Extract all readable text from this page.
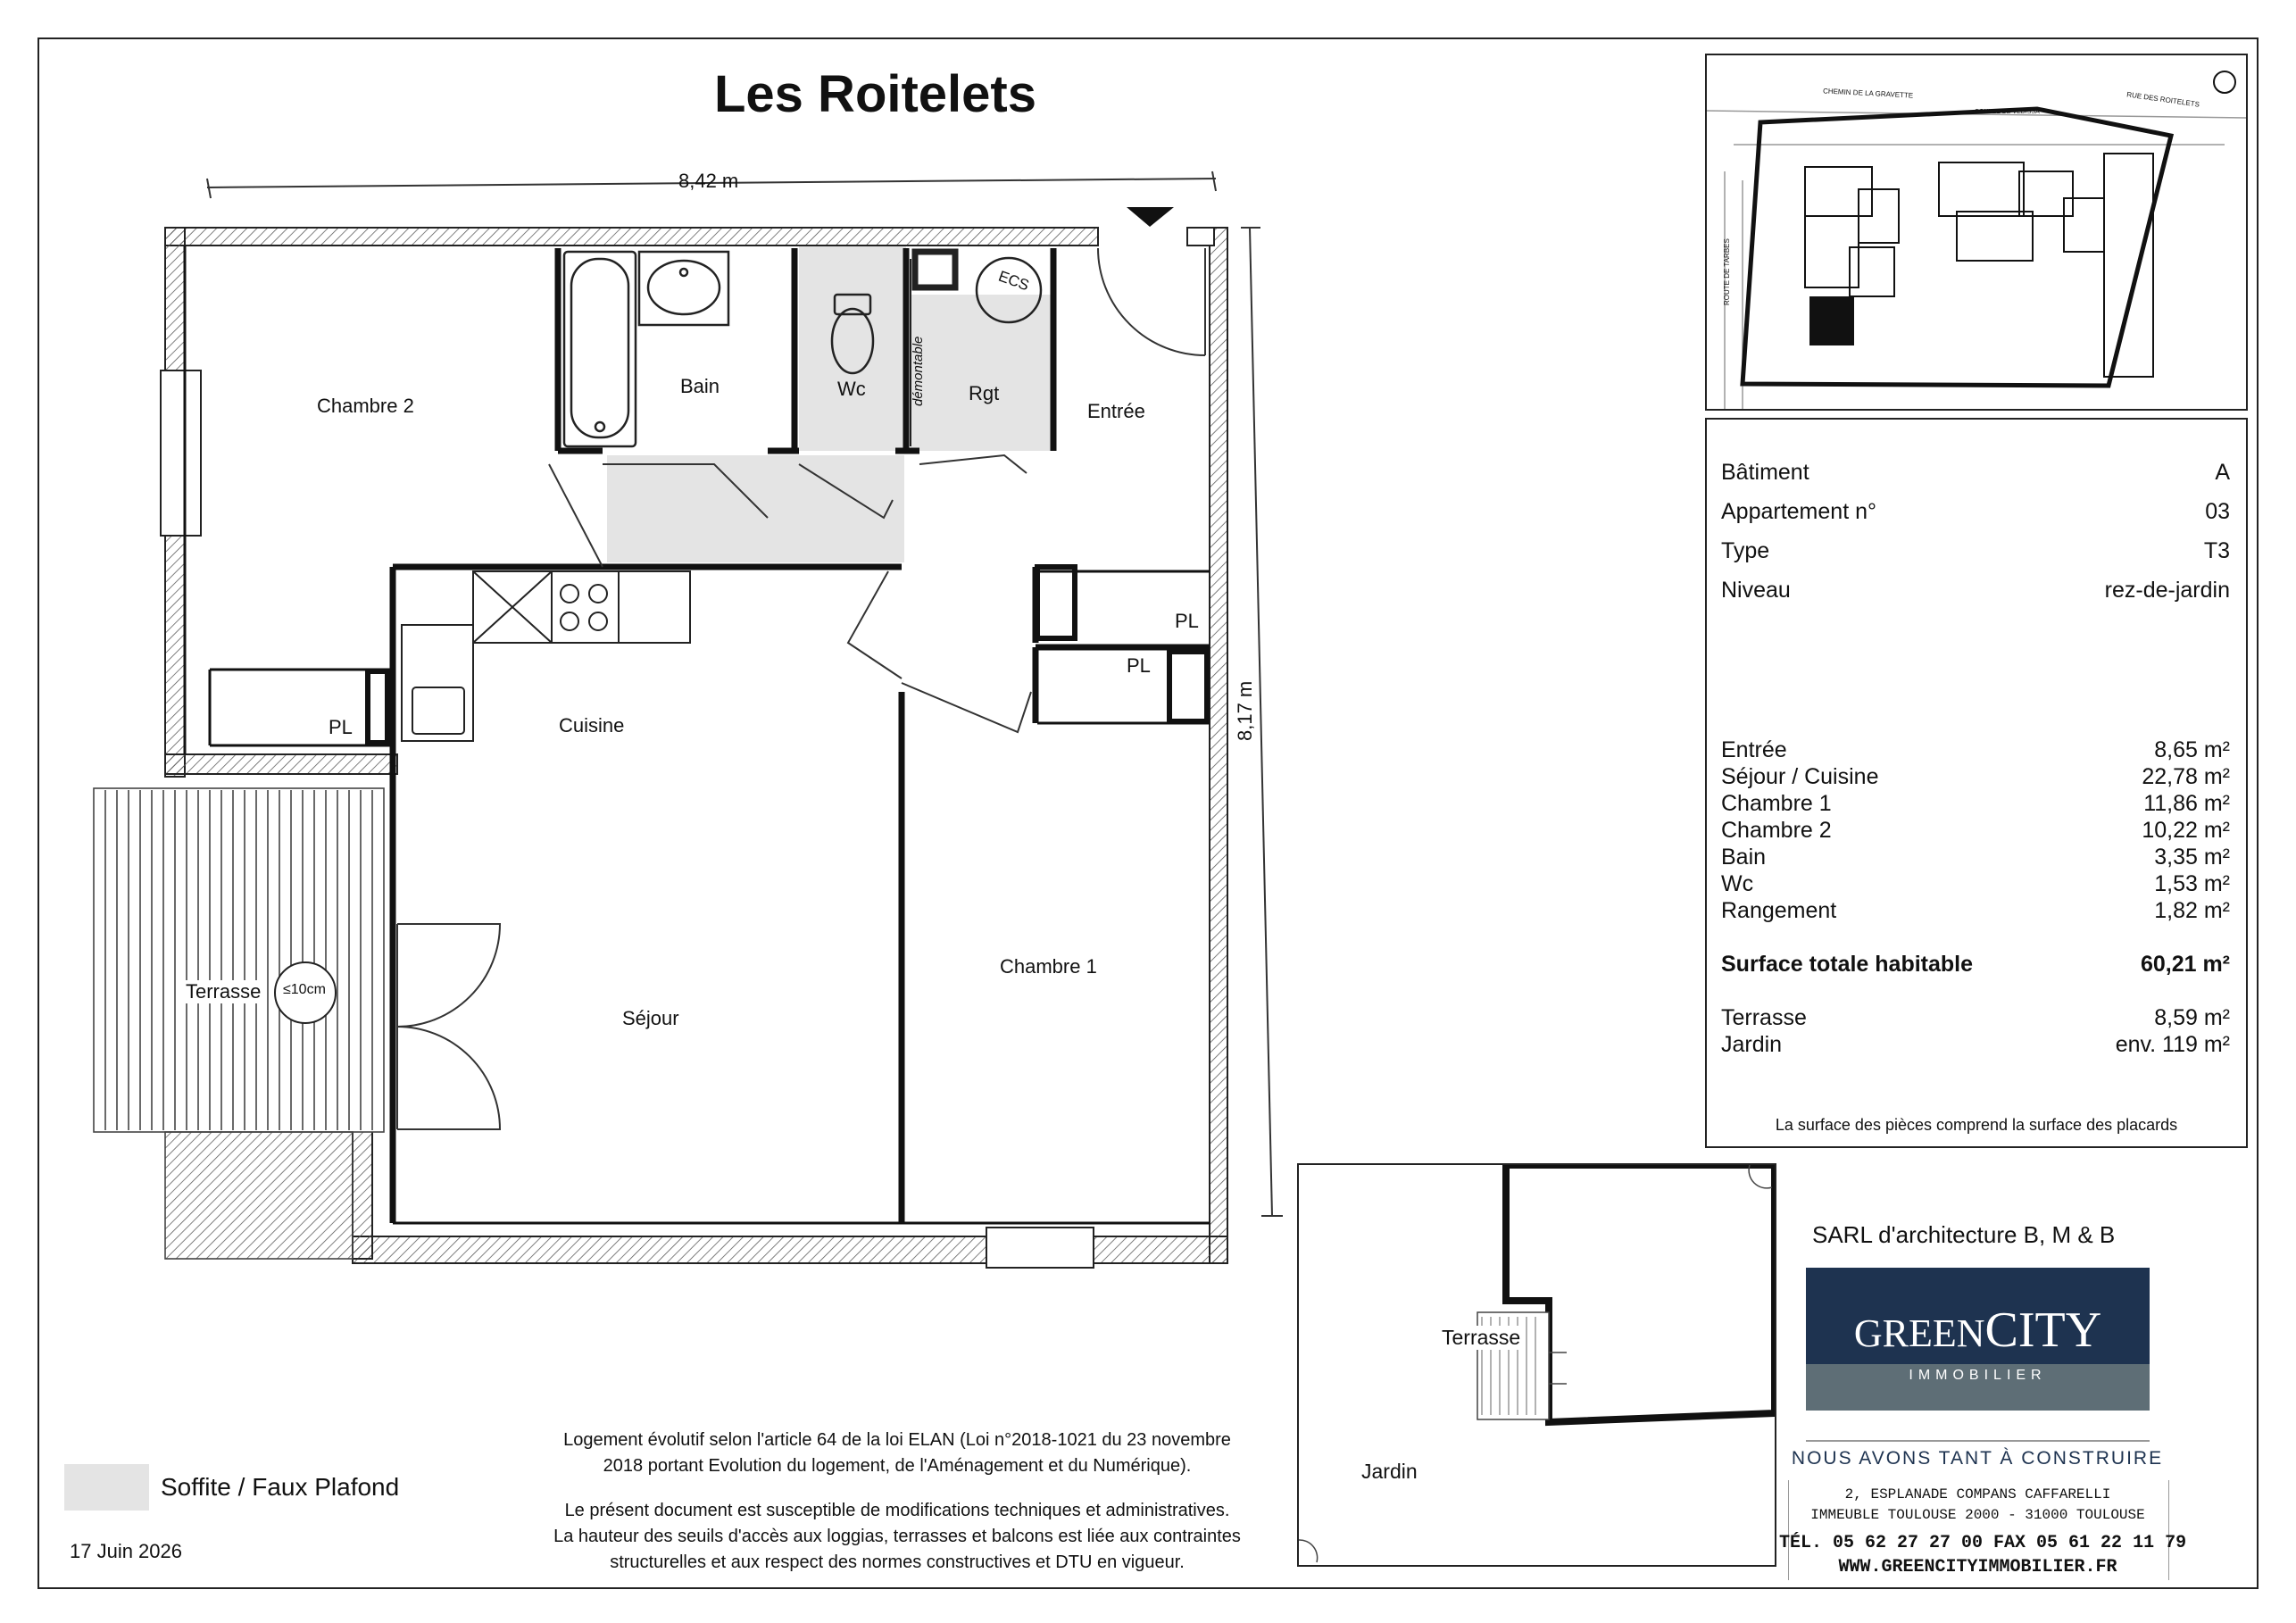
Les Roitelets
8,42 m
8,17 m
Chambre 2
Bain	Wc	démontable Rgt
ECS
Entrée
PL
PL
PL	Cuisine
Terrasse ≤10cm
Séjour
Chambre 1
CHEMIN DE LA GRAVETTE	RUE DES ROITELETS
ROUTE DE TARBES
COULEE DE VEDISSA
Bâtiment	A
Appartement n°	03
Type	T3
Niveau	rez-de-jardin
Entrée	8,65 m²
Séjour / Cuisine	22,78 m²
Chambre 1	11,86 m²
Chambre 2	10,22 m²
Bain	3,35 m²
Wc	1,53 m²
Rangement	1,82 m²
Surface totale habitable	60,21 m²
Terrasse	8,59 m²
Jardin	env. 119 m²
La surface des pièces comprend la surface des placards
Terrasse
Jardin
SARL d'architecture B, M & B
GREENCITY
IMMOBILIER
NOUS AVONS TANT À CONSTRUIRE
2, ESPLANADE COMPANS CAFFARELLI
IMMEUBLE TOULOUSE 2000 - 31000 TOULOUSE
TÉL. 05 62 27 27 00 FAX 05 61 22 11 79
WWW.GREENCITYIMMOBILIER.FR
Soffite / Faux Plafond
Logement évolutif selon l'article 64 de la loi ELAN (Loi n°2018-1021 du 23 novembre
2018 portant Evolution du logement, de l'Aménagement et du Numérique).
Le présent document est susceptible de modifications techniques et administratives.
La hauteur des seuils d'accès aux loggias, terrasses et balcons est liée aux contraintes
structurelles et aux respect des normes constructives et DTU en vigueur.
17 Juin 2026
